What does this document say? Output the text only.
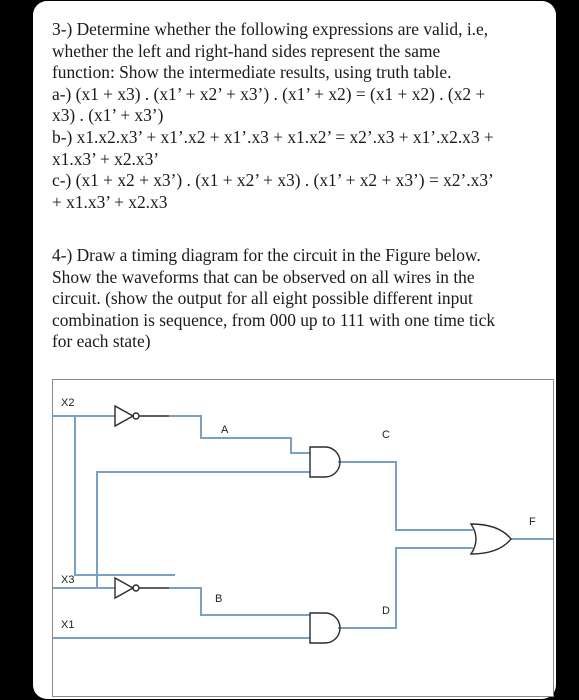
3-) Determine whether the following expressions are valid, i.e,
whether the left and right-hand sides represent the same
function: Show the intermediate results, using truth table.
a-) (x1 + x3) . (x1’ + x2’ + x3’) . (x1’ + x2) = (x1 + x2) . (x2 +
x3) . (x1’ + x3’)
b-) x1.x2.x3’ + x1’.x2 + x1’.x3 + x1.x2’ = x2’.x3 + x1’.x2.x3 +
x1.x3’ + x2.x3’
c-) (x1 + x2 + x3’) . (x1 + x2’ + x3) . (x1’ + x2 + x3’) = x2’.x3’
+ x1.x3’ + x2.x3
4-) Draw a timing diagram for the circuit in the Figure below.
Show the waveforms that can be observed on all wires in the
circuit. (show the output for all eight possible different input
combination is sequence, from 000 up to 111 with one time tick
for each state)
X2
A	C
F
X3
B
D
X1
